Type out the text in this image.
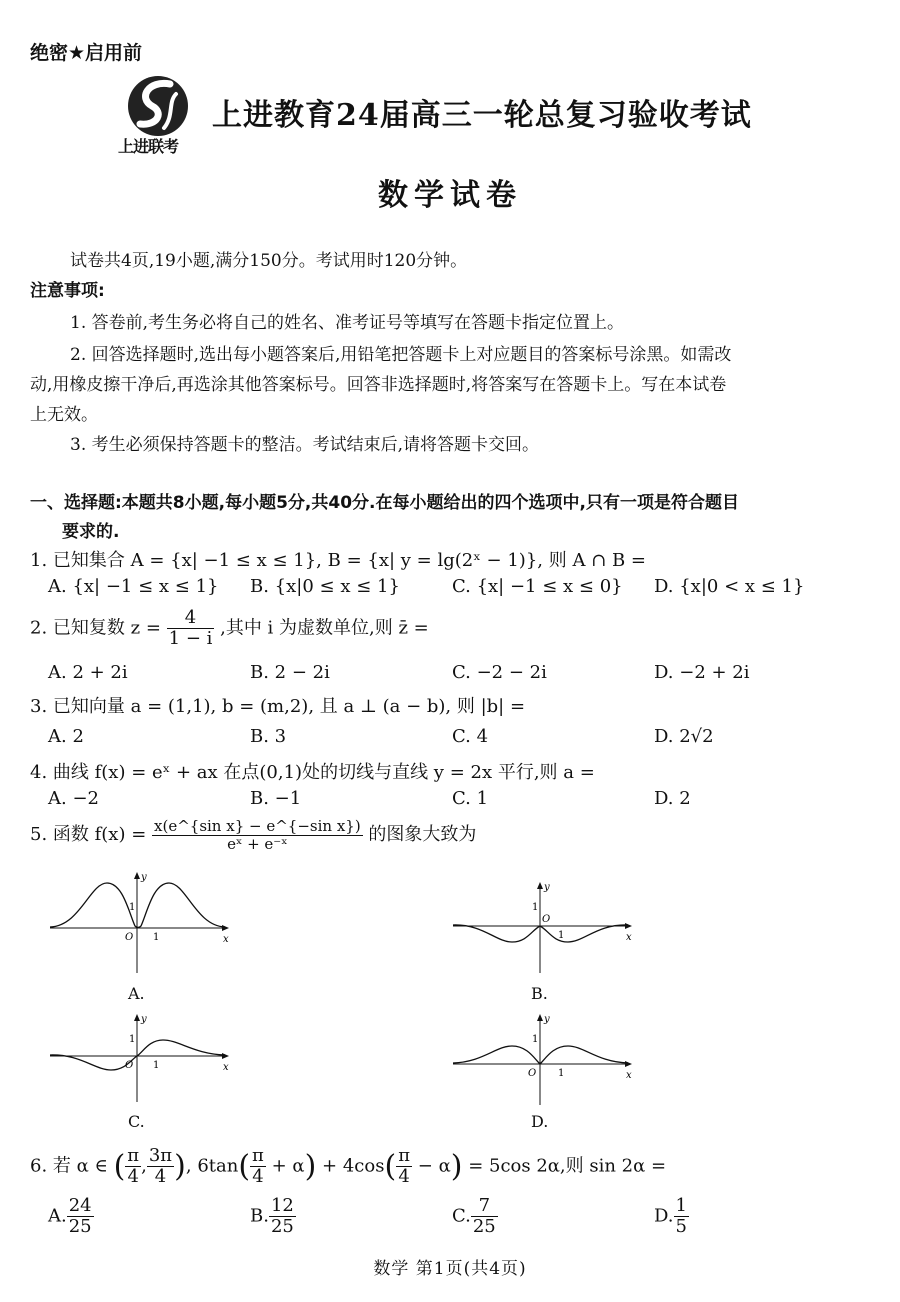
绝密★启用前
上进联考
上进教育24届高三一轮总复习验收考试
数学试卷
试卷共4页,19小题,满分150分。考试用时120分钟。
注意事项:
1. 答卷前,考生务必将自己的姓名、准考证号等填写在答题卡指定位置上。
2. 回答选择题时,选出每小题答案后,用铅笔把答题卡上对应题目的答案标号涂黑。如需改
动,用橡皮擦干净后,再选涂其他答案标号。回答非选择题时,将答案写在答题卡上。写在本试卷
上无效。
3. 考生必须保持答题卡的整洁。考试结束后,请将答题卡交回。
一、选择题:本题共8小题,每小题5分,共40分.在每小题给出的四个选项中,只有一项是符合题目
要求的.
1. 已知集合 A = {x| −1 ≤ x ≤ 1}, B = {x| y = lg(2ˣ − 1)}, 则 A ∩ B =
A. {x| −1 ≤ x ≤ 1} B. {x|0 ≤ x ≤ 1}	C. {x| −1 ≤ x ≤ 0} D. {x|0 < x ≤ 1}
2. 已知复数 $z = \frac{4}{1 - i}$ ,其中 i 为虚数单位,则 z̄ =
A. 2 + 2i	B. 2 − 2i	C. −2 − 2i	D. −2 + 2i
3. 已知向量 a = (1,1), b = (m,2), 且 a ⊥ (a − b), 则 |b| =
A. 2	B. 3	C. 4	D. 2√2
4. 曲线 f(x) = eˣ + ax 在点(0,1)处的切线与直线 y = 2x 平行,则 a =
A. −2	B. −1	C. 1	D. 2
5. 函数 $f(x) = \frac{\text{x(e\textasciicircum{}\{sin x\} − e\textasciicircum{}\{−sin x\})}}{\text{eˣ + e⁻ˣ}}$ 的图象大致为
y
x
O 1
1
A.
y
x
O
1
1
B.
y
x
O 1
1
C.
y
x
O 1
1
D.
6. 若 α ∈ ( $\frac{\pi}{4}$ , $\frac{3\pi}{4}$ ), $6\tan( \frac{\pi}{4} + \alpha) + 4\cos( \frac{\pi}{4} - \alpha) = 5\cos$ 2α,则 sin 2α =
A. $\frac{24}{25}$	B. $\frac{12}{25}$	C. $\frac{7}{25}$	D. $\frac{1}{5}$
数学 第1页(共4页)
